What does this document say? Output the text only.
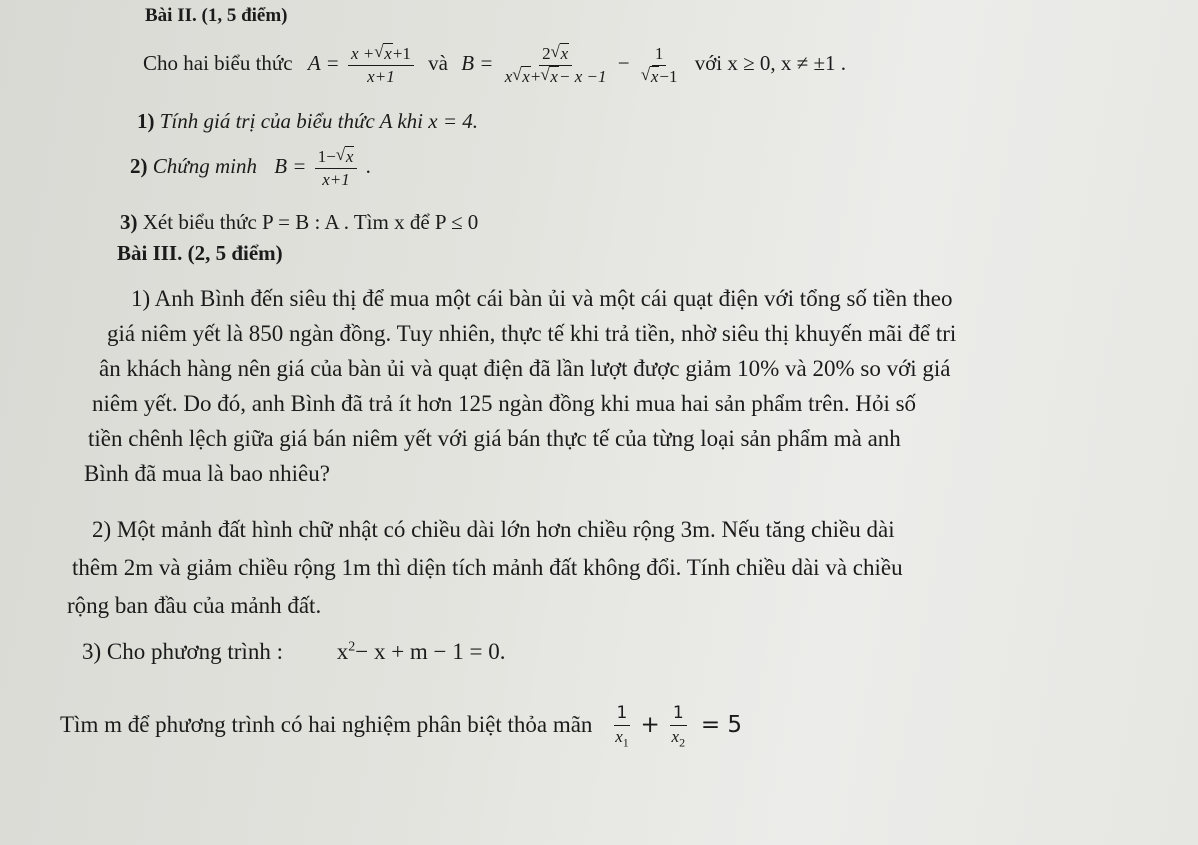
Bài II. (1, 5 điểm)
Cho hai biểu thức $A = \frac{x + √ x+1}{x+1}$ và $B = \frac{2 √ x}{x √ x+ √ x- x -1} - 1$
√ x−1 với x ≥ 0, x ≠ ±1 .
1) Tính giá trị của biểu thức A khi x = 4.
2) Chứng minh $B = \frac{1- √ x}{x+1}$ .
3) Xét biểu thức P = B : A . Tìm x để P ≤ 0
Bài III. (2, 5 điểm)
1) Anh Bình đến siêu thị để mua một cái bàn ủi và một cái quạt điện với tổng số tiền theo
giá niêm yết là 850 ngàn đồng. Tuy nhiên, thực tế khi trả tiền, nhờ siêu thị khuyến mãi để tri
ân khách hàng nên giá của bàn ủi và quạt điện đã lần lượt được giảm 10% và 20% so với giá
niêm yết. Do đó, anh Bình đã trả ít hơn 125 ngàn đồng khi mua hai sản phẩm trên. Hỏi số
tiền chênh lệch giữa giá bán niêm yết với giá bán thực tế của từng loại sản phẩm mà anh
Bình đã mua là bao nhiêu?
2) Một mảnh đất hình chữ nhật có chiều dài lớn hơn chiều rộng 3m. Nếu tăng chiều dài
thêm 2m và giảm chiều rộng 1m thì diện tích mảnh đất không đổi. Tính chiều dài và chiều
rộng ban đầu của mảnh đất.
3) Cho phương trình : $x^2- x + m - 1 = 0$.
Tìm m để phương trình có hai nghiệm phân biệt thỏa mãn $\frac{1}{x_1} + \frac{1}{x_2} = 5$
